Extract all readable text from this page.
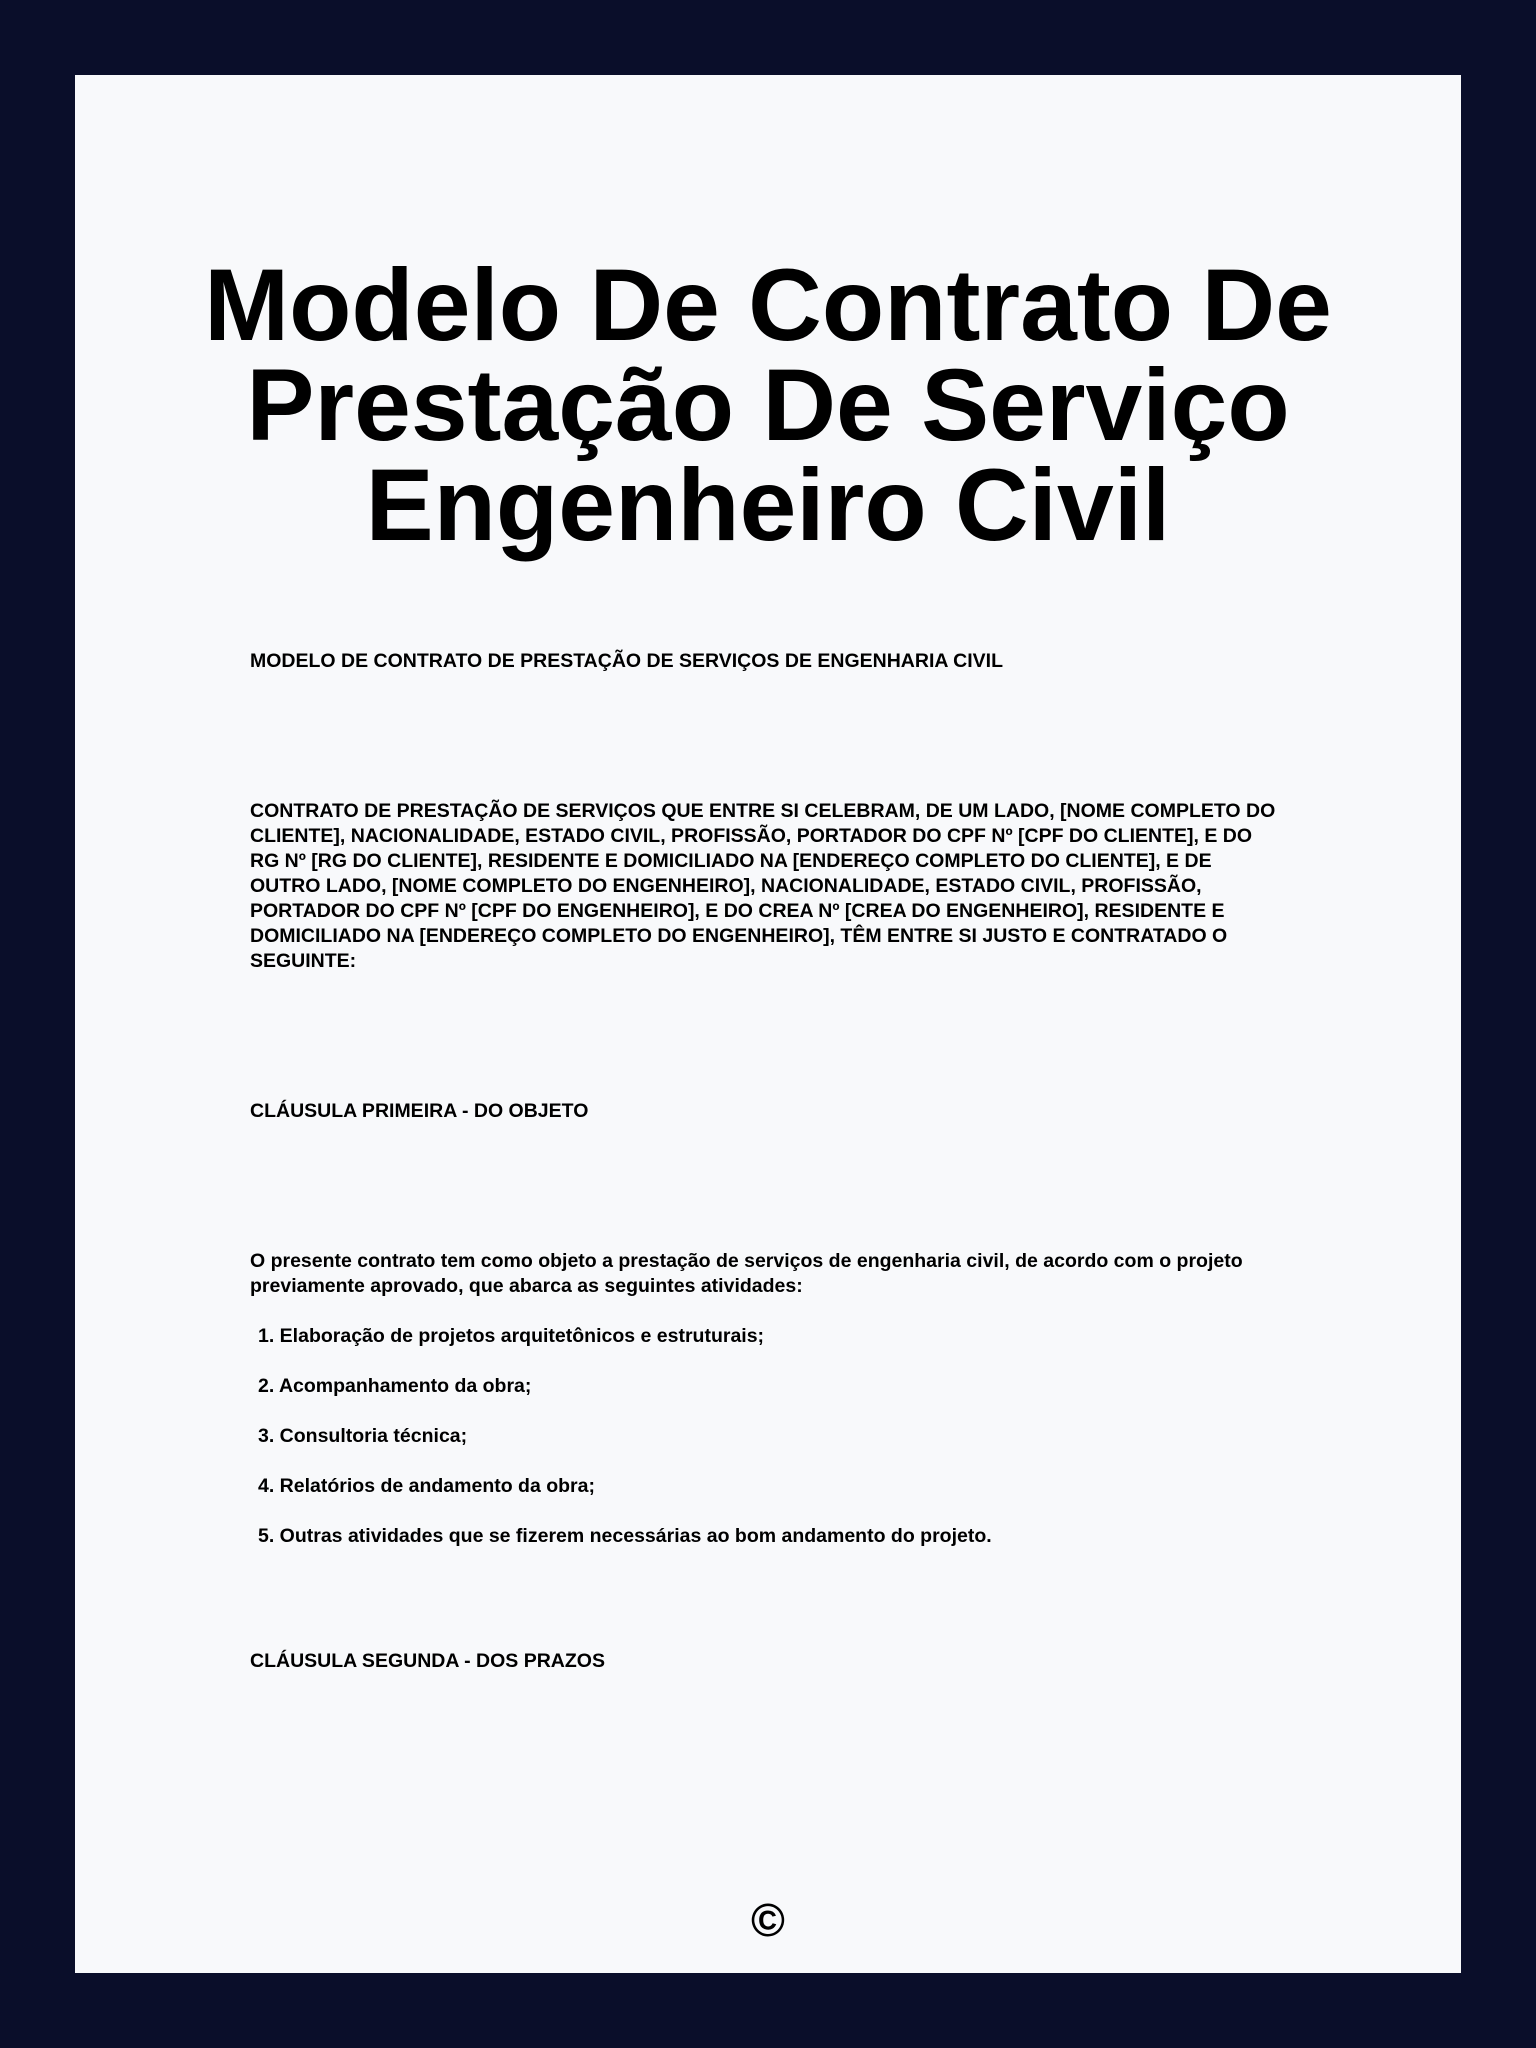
Modelo De Contrato De Prestação De Serviço Engenheiro Civil

MODELO DE CONTRATO DE PRESTAÇÃO DE SERVIÇOS DE ENGENHARIA CIVIL

CONTRATO DE PRESTAÇÃO DE SERVIÇOS QUE ENTRE SI CELEBRAM, DE UM LADO, [NOME COMPLETO DO CLIENTE], NACIONALIDADE, ESTADO CIVIL, PROFISSÃO, PORTADOR DO CPF Nº [CPF DO CLIENTE], E DO RG Nº [RG DO CLIENTE], RESIDENTE E DOMICILIADO NA [ENDEREÇO COMPLETO DO CLIENTE], E DE OUTRO LADO, [NOME COMPLETO DO ENGENHEIRO], NACIONALIDADE, ESTADO CIVIL, PROFISSÃO, PORTADOR DO CPF Nº [CPF DO ENGENHEIRO], E DO CREA Nº [CREA DO ENGENHEIRO], RESIDENTE E DOMICILIADO NA [ENDEREÇO COMPLETO DO ENGENHEIRO], TÊM ENTRE SI JUSTO E CONTRATADO O SEGUINTE:

CLÁUSULA PRIMEIRA - DO OBJETO

O presente contrato tem como objeto a prestação de serviços de engenharia civil, de acordo com o projeto previamente aprovado, que abarca as seguintes atividades:

1. Elaboração de projetos arquitetônicos e estruturais;
2. Acompanhamento da obra;
3. Consultoria técnica;
4. Relatórios de andamento da obra;
5. Outras atividades que se fizerem necessárias ao bom andamento do projeto.

CLÁUSULA SEGUNDA - DOS PRAZOS

©
